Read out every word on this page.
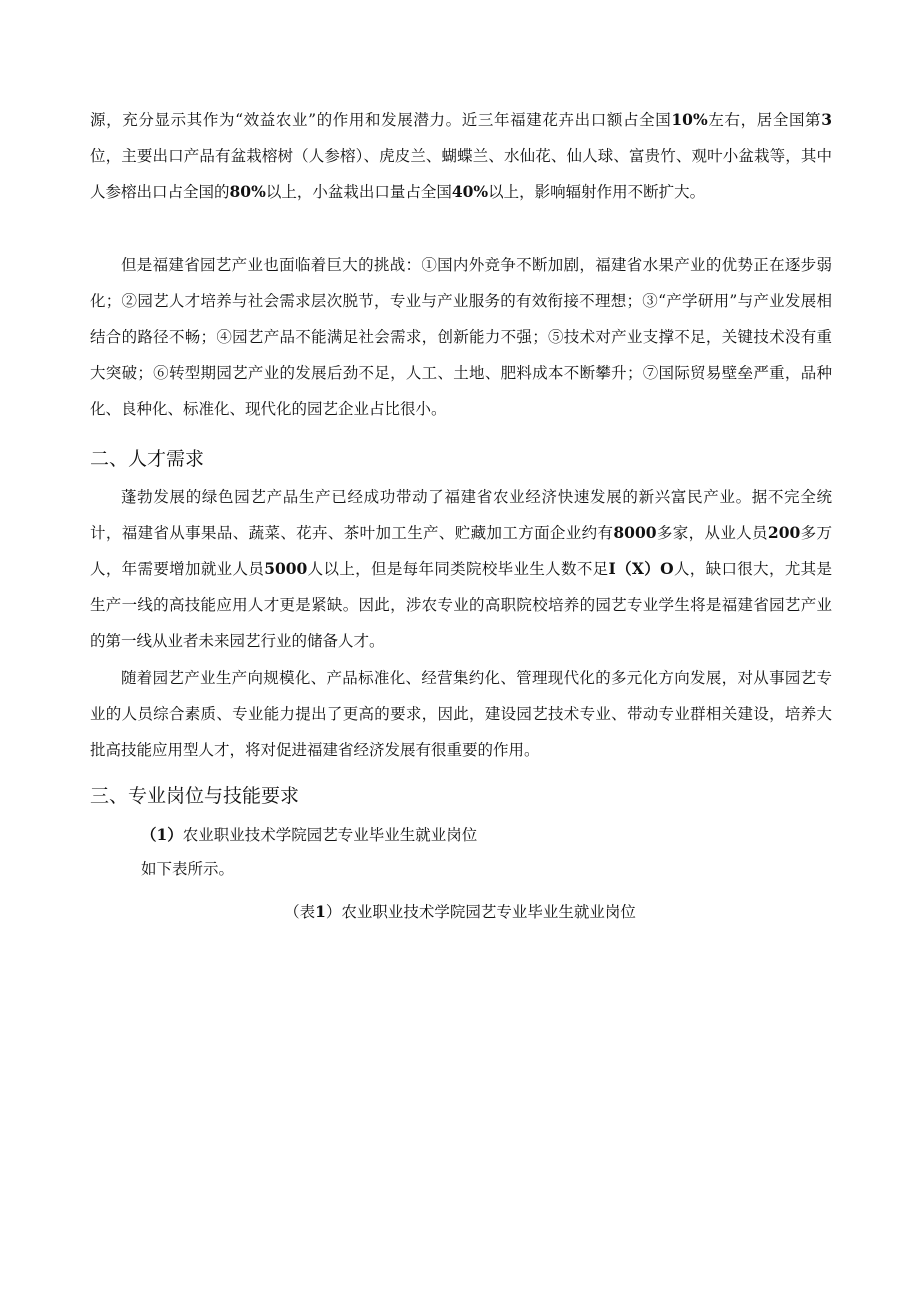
源，充分显示其作为“效益农业”的作用和发展潜力。近三年福建花卉出口额占全国10%左右，居全国第3位，主要出口产品有盆栽榕树（人参榕）、虎皮兰、蝴蝶兰、水仙花、仙人球、富贵竹、观叶小盆栽等，其中人参榕出口占全国的80%以上，小盆栽出口量占全国40%以上，影响辐射作用不断扩大。

但是福建省园艺产业也面临着巨大的挑战：①国内外竞争不断加剧，福建省水果产业的优势正在逐步弱化；②园艺人才培养与社会需求层次脱节，专业与产业服务的有效衔接不理想；③“产学研用”与产业发展相结合的路径不畅；④园艺产品不能满足社会需求，创新能力不强；⑤技术对产业支撑不足，关键技术没有重大突破；⑥转型期园艺产业的发展后劲不足，人工、土地、肥料成本不断攀升；⑦国际贸易壁垒严重，品种化、良种化、标准化、现代化的园艺企业占比很小。

二、人才需求

蓬勃发展的绿色园艺产品生产已经成功带动了福建省农业经济快速发展的新兴富民产业。据不完全统计，福建省从事果品、蔬菜、花卉、茶叶加工生产、贮藏加工方面企业约有8000多家，从业人员200多万人，年需要增加就业人员5000人以上，但是每年同类院校毕业生人数不足I（X）O人，缺口很大，尤其是生产一线的高技能应用人才更是紧缺。因此，涉农专业的高职院校培养的园艺专业学生将是福建省园艺产业的第一线从业者未来园艺行业的储备人才。

随着园艺产业生产向规模化、产品标准化、经营集约化、管理现代化的多元化方向发展，对从事园艺专业的人员综合素质、专业能力提出了更高的要求，因此，建设园艺技术专业、带动专业群相关建设，培养大批高技能应用型人才，将对促进福建省经济发展有很重要的作用。

三、专业岗位与技能要求

（1）农业职业技术学院园艺专业毕业生就业岗位

如下表所示。

（表1）农业职业技术学院园艺专业毕业生就业岗位
